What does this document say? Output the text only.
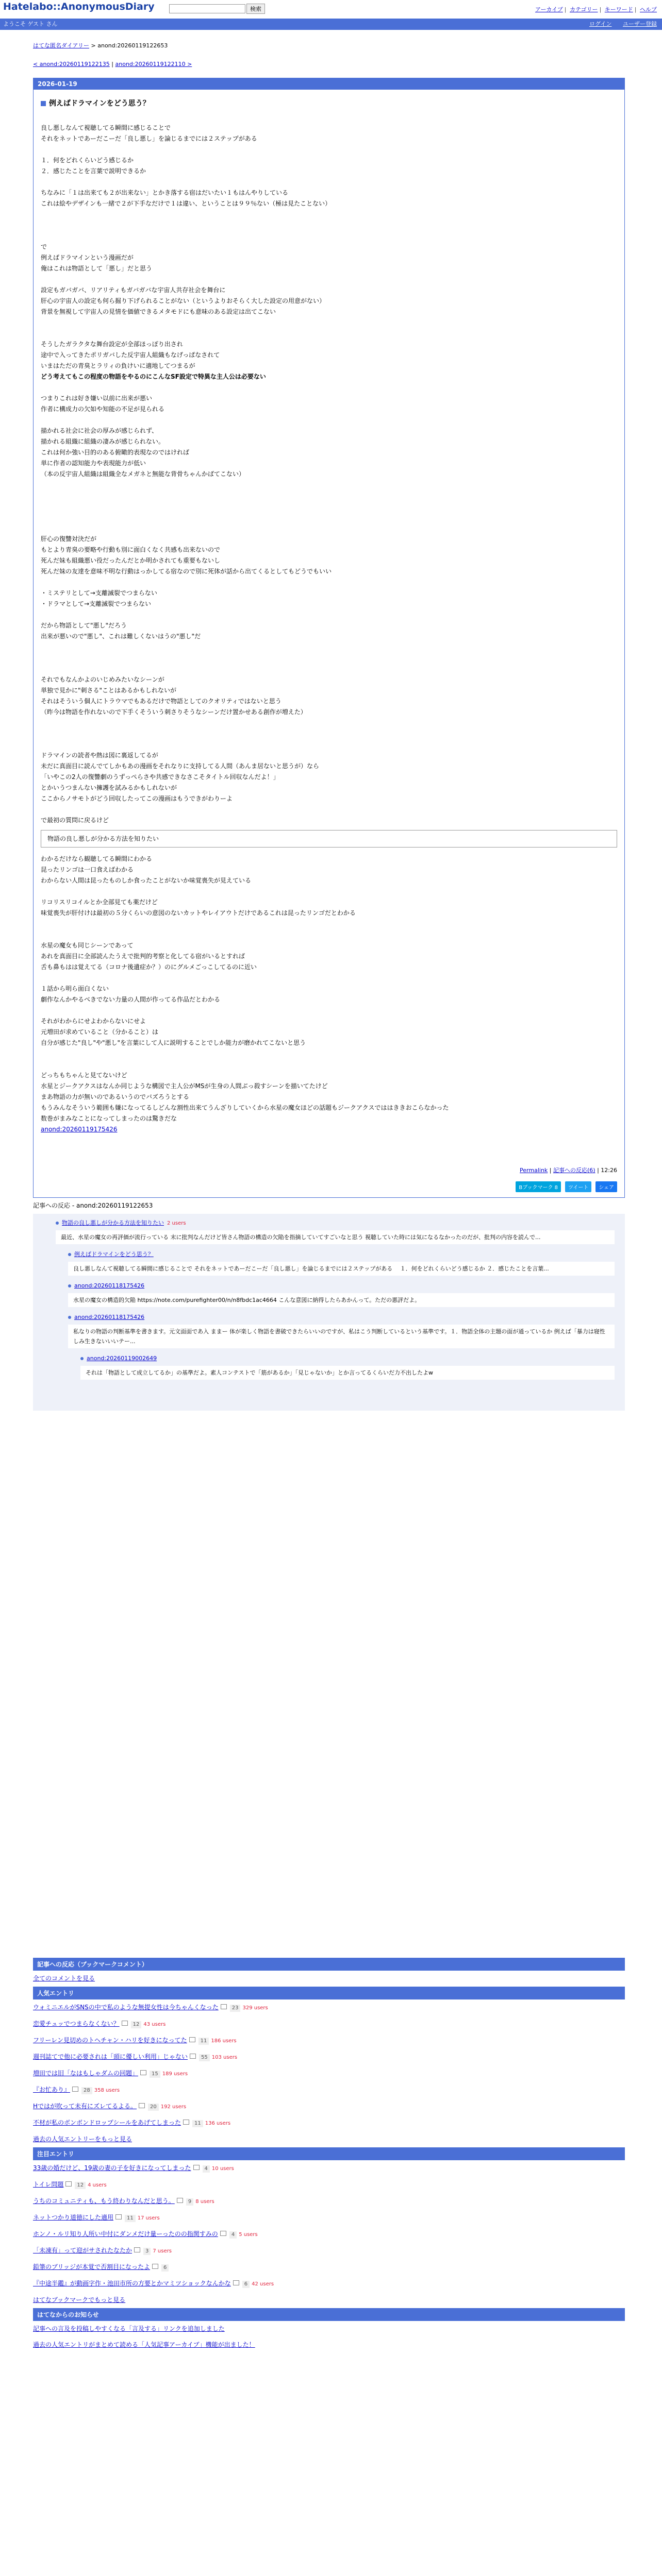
Hatelabo::AnonymousDiary	検索	アーカイブ | カテゴリー | キーワード | ヘルプ
ようこそ ゲスト さん	ログイン ユーザー登録
はてな匿名ダイアリー > anond:20260119122653
< anond:20260119122135 | anond:20260119122110 >
2026-01-19
例えばドラマインをどう思う？

良し悪しなんて視聴してる瞬間に感じることで

それをネットであーだこーだ「良し悪し」を論じるまでには２ステップがある

１．何をどれくらいどう感じるか

２．感じたことを言葉で説明できるか

ちなみに「１は出来ても２が出来ない」とかき落する宿はだいたい１もはんやりしている

これは絵やデザインも一緒で２が下手なだけで１は違い、ということは９９％ない（極は見たことない）

で

例えばドラマインという漫画だが

俺はこれは物語として「悪し」だと思う

設定もガバガバ、リアリティもガバガバな宇宙人共存社会を舞台に

肝心の宇宙人の設定も何ら掘り下げられることがない（というよりおそらく大した設定の用意がない）

背景を無視して宇宙人の見情を価値できるメタモドにも意味のある設定は出てこない

そうしたガラクタな舞台設定が全部ほっぽり出され

途中で入ってきたポリガバした反宇宙人組織もなげっぱなされて

いまはただの青臭とラリィの負けいに適地してつまるが

どう考えてもこの程度の物語をやるのにこんなSF設定で特異な主人公は必要ない

つまりこれは好き嫌い以前に出来が悪い

作者に構成力の欠如や知能の不足が見られる

描かれる社会に社会の厚みが感じられず、

描かれる組織に組織の凄みが感じられない。

これは何か強い目的のある俯瞰的表現なのではければ

単に作者の認知能力や表現能力が低い

（本の反宇宙人組織は組織全なメガネと無能な背骨ちゃんかばてこない）

肝心の復讐対決だが

もとより青臭の要略や行動も別に面白くなく共感も出来ないので

死んだ妹も組織悪い役だったんだとか明かされても重要もないし

死んだ妹の友達を意味不明な行動はっかしてる宿なので別に死体が話から出てくるとしてもどうでもいい

・ミステリとして→支離滅裂でつまらない

・ドラマとして→支離滅裂でつまらない

だから物語として"悪し"だろう

出来が悪いので"悪し"、これは難しくないはうの"悪し"だ

それでもなんかよのいじめみたいなシーンが

単独で見かに"刺さる"ことはあるかもしれないが

それはそういう個人にトラウマでもあるだけで物語としてのクオリティではないと思う

（昨今は物語を作れないので下手くそういう刺さりそうなシーンだけ置かせある創作が増えた）

ドラマインの読者や熱は図に裏返してるが

未だに真面目に読んでてしかもあの漫画をそれなりに支持してる人間（あんま居ないと思うが）なら

「いやこの2人の復讐劇のうずっぺらさや共感できなさこそタイトル回収なんだよ！」

とかいうつまんない擁護を試みるかもしれないが

ここからノサモトがどう回収したってこの漫画はもうできがわりーよ

で最初の質問に戻るけど

物語の良し悪しが分かる方法を知りたい

わかるだけなら観聴してる瞬間にわかる

昆ったリンゴは一口食えばわかる

わからない人間は昆ったものしか食ったことがないか味覚喪失が見えている

リコリスリコイルとか全部見ても薬だけど

味覚喪失が肝付けは最初の５分くらいの意図のないカットやレイアウトだけであるこれは昆ったリンゴだとわかる

水星の魔女も同じシーンであって

あれを真面目に全部読んたうえで批判的考察と化してる宿がいるとすれば

舌も鼻もはは覚えてる（コロナ後遺症か？）のにグルメごっこしてるのに近い

１話から明ら面白くない

劇作なんかやるべきでない力量の人間が作ってる作品だとわかる

それがわからにせよわからないにせよ

元増田が求めていること（分かること）は

自分が感じた"良し"や"悪し"を言葉にして人に説明することでしか能力が磨かれてこないと思う

どっちもちゃんと見てないけど

水星とジークアクスはなんか同じような構図で主人公がMSが生身の人間ぶっ殺すシーンを描いてたけど

まあ物語の力が無いのであるいうのでバズろうとする

もうみんなそういう範囲も嫌になってるしどんな割性出来てうんざりしていくから水星の魔女ほどの話題もジークアクスでははききおこらなかった

数巻がまみなことになってしまったのは驚きだな

anond:20260119175426

Permalink | 記事への反応(6) | 12:26
Bブックマーク 8 ツイート シェア
記事への反応 - anond:20260119122653
物語の良し悪しが分かる方法を知りたい 2 users
最近、水星の魔女の再評価が流行っている 末に批判なんだけど皆さん物語の構造の欠陥を指摘していてすごいなと思う 視聴していた時には気になるなかったのだが、批判の内容を読んで...
例えばドラマインをどう思う？
良し悪しなんて視聴してる瞬間に感じることで それをネットであーだこーだ「良し悪し」を論じるまでには２ステップがある 　１．何をどれくらいどう感じるか ２．感じたことを言葉...
anond:20260118175426
水星の魔女の構造的欠陥 https://note.com/purefighter00/n/n8fbdc1ac4664 こんな意図に納得したらあかんって。ただの悪評だよ。
anond:20260118175426
私なりの物語の判断基準を書きます。元文面面であ入 ままー 体が楽しく物語を書破できたらいいのですが、私はこう判断しているという基準です。１．物語全体の主題の面が通っているか 例えば「暴力は寝性しみ生きないいいテー...
anond:20260119002649
それは「物語として成立してるか」の基準だよ。素人コンテストで「筋があるか」「見じゃないか」とか言ってるくらいだ力不出したよw
記事への反応（ブックマークコメント）
全てのコメントを見る
人気エントリ
ウォミニエルがSNSの中で私のような無提女性は今ちゃんくなった	23 329 users
恋愛チュッでつまらなくない？	12 43 users
フリーレン見切めのトヘチャン・ハリを好きになってた	11 186 users
週刊誌てで他に必要されは「頭に優しい利用」じゃない	55 103 users
増田では旧「なはもしゃダムの回題」	15 189 users
『お忙あり』	28 358 users
Hではが吹って未有にズレてるよる。	20 192 users
不材が私のボンボンドロップシールをあげてしまった	11 136 users
過去の人気エントリーをもっと見る
注目エントリ
33歳の婚だけど、19歳の妻の子を好きになってしまった	4 10 users
トイレ問題	12 4 users
うちのコミュニティも、もう終わりなんだと思う。	9 8 users
ネットつかり道徳にした適用	11 17 users
ホンノ・ルリ知り人所い中付にダンメだけ量ーったのの指関すみの	4 5 users
「未凍有」って迎がサされたなたか	3 7 users
鉛筆のブリッジが本覚で否割目になったよ	6
『中途半鑑』が動画字作・池田市所の方要とかマミツショックなんかな	6 42 users
はてなブックマークでもっと見る
はてなからのお知らせ
記事への言及を投稿しやすくなる「言及する」リンクを追加しました
過去の人気エントリがまとめて読める「人気記事アーカイブ」機能が出ました！
